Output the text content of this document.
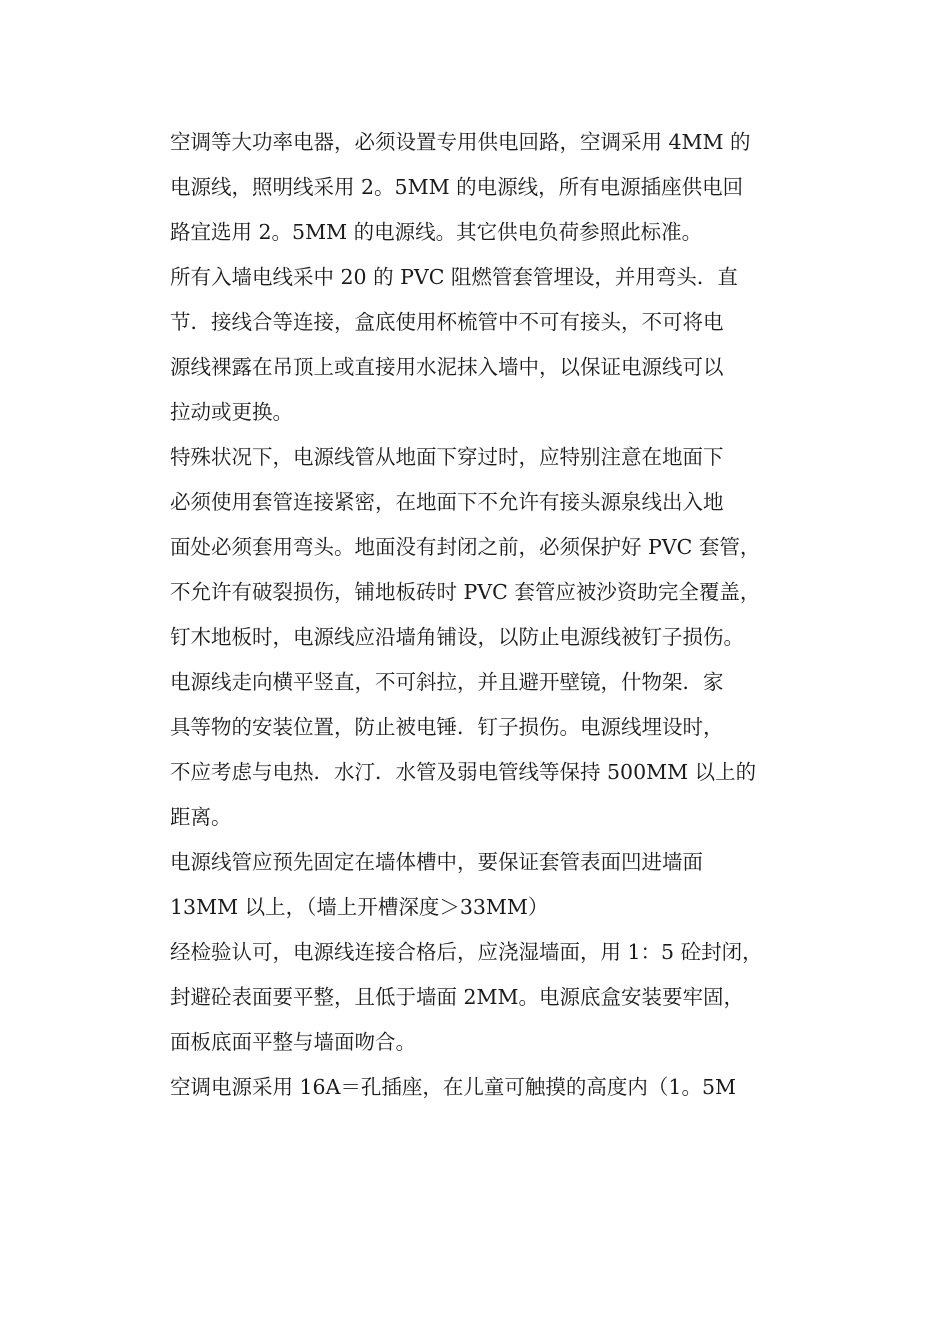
空调等大功率电器，必须设置专用供电回路，空调采用 4MM 的
电源线，照明线采用 2。5MM 的电源线，所有电源插座供电回
路宜选用 2。5MM 的电源线。其它供电负荷参照此标准。
所有入墙电线采中 20 的 PVC 阻燃管套管埋设，并用弯头．直
节．接线合等连接，盒底使用杯梳管中不可有接头，不可将电
源线裸露在吊顶上或直接用水泥抹入墙中，以保证电源线可以
拉动或更换。
特殊状况下，电源线管从地面下穿过时，应特别注意在地面下
必须使用套管连接紧密，在地面下不允许有接头源泉线出入地
面处必须套用弯头。地面没有封闭之前，必须保护好 PVC 套管，
不允许有破裂损伤，铺地板砖时 PVC 套管应被沙资助完全覆盖，
钉木地板时，电源线应沿墙角铺设，以防止电源线被钉子损伤。
电源线走向横平竖直，不可斜拉，并且避开壁镜，什物架．家
具等物的安装位置，防止被电锤．钉子损伤。电源线埋设时，
不应考虑与电热．水汀．水管及弱电管线等保持 500MM 以上的
距离。
电源线管应预先固定在墙体槽中，要保证套管表面凹进墙面
13MM 以上，（墙上开槽深度＞33MM）
经检验认可，电源线连接合格后，应浇湿墙面，用 1：5 砼封闭，
封避砼表面要平整，且低于墙面 2MM。电源底盒安装要牢固，
面板底面平整与墙面吻合。
空调电源采用 16A＝孔插座，在儿童可触摸的高度内（1。5M
